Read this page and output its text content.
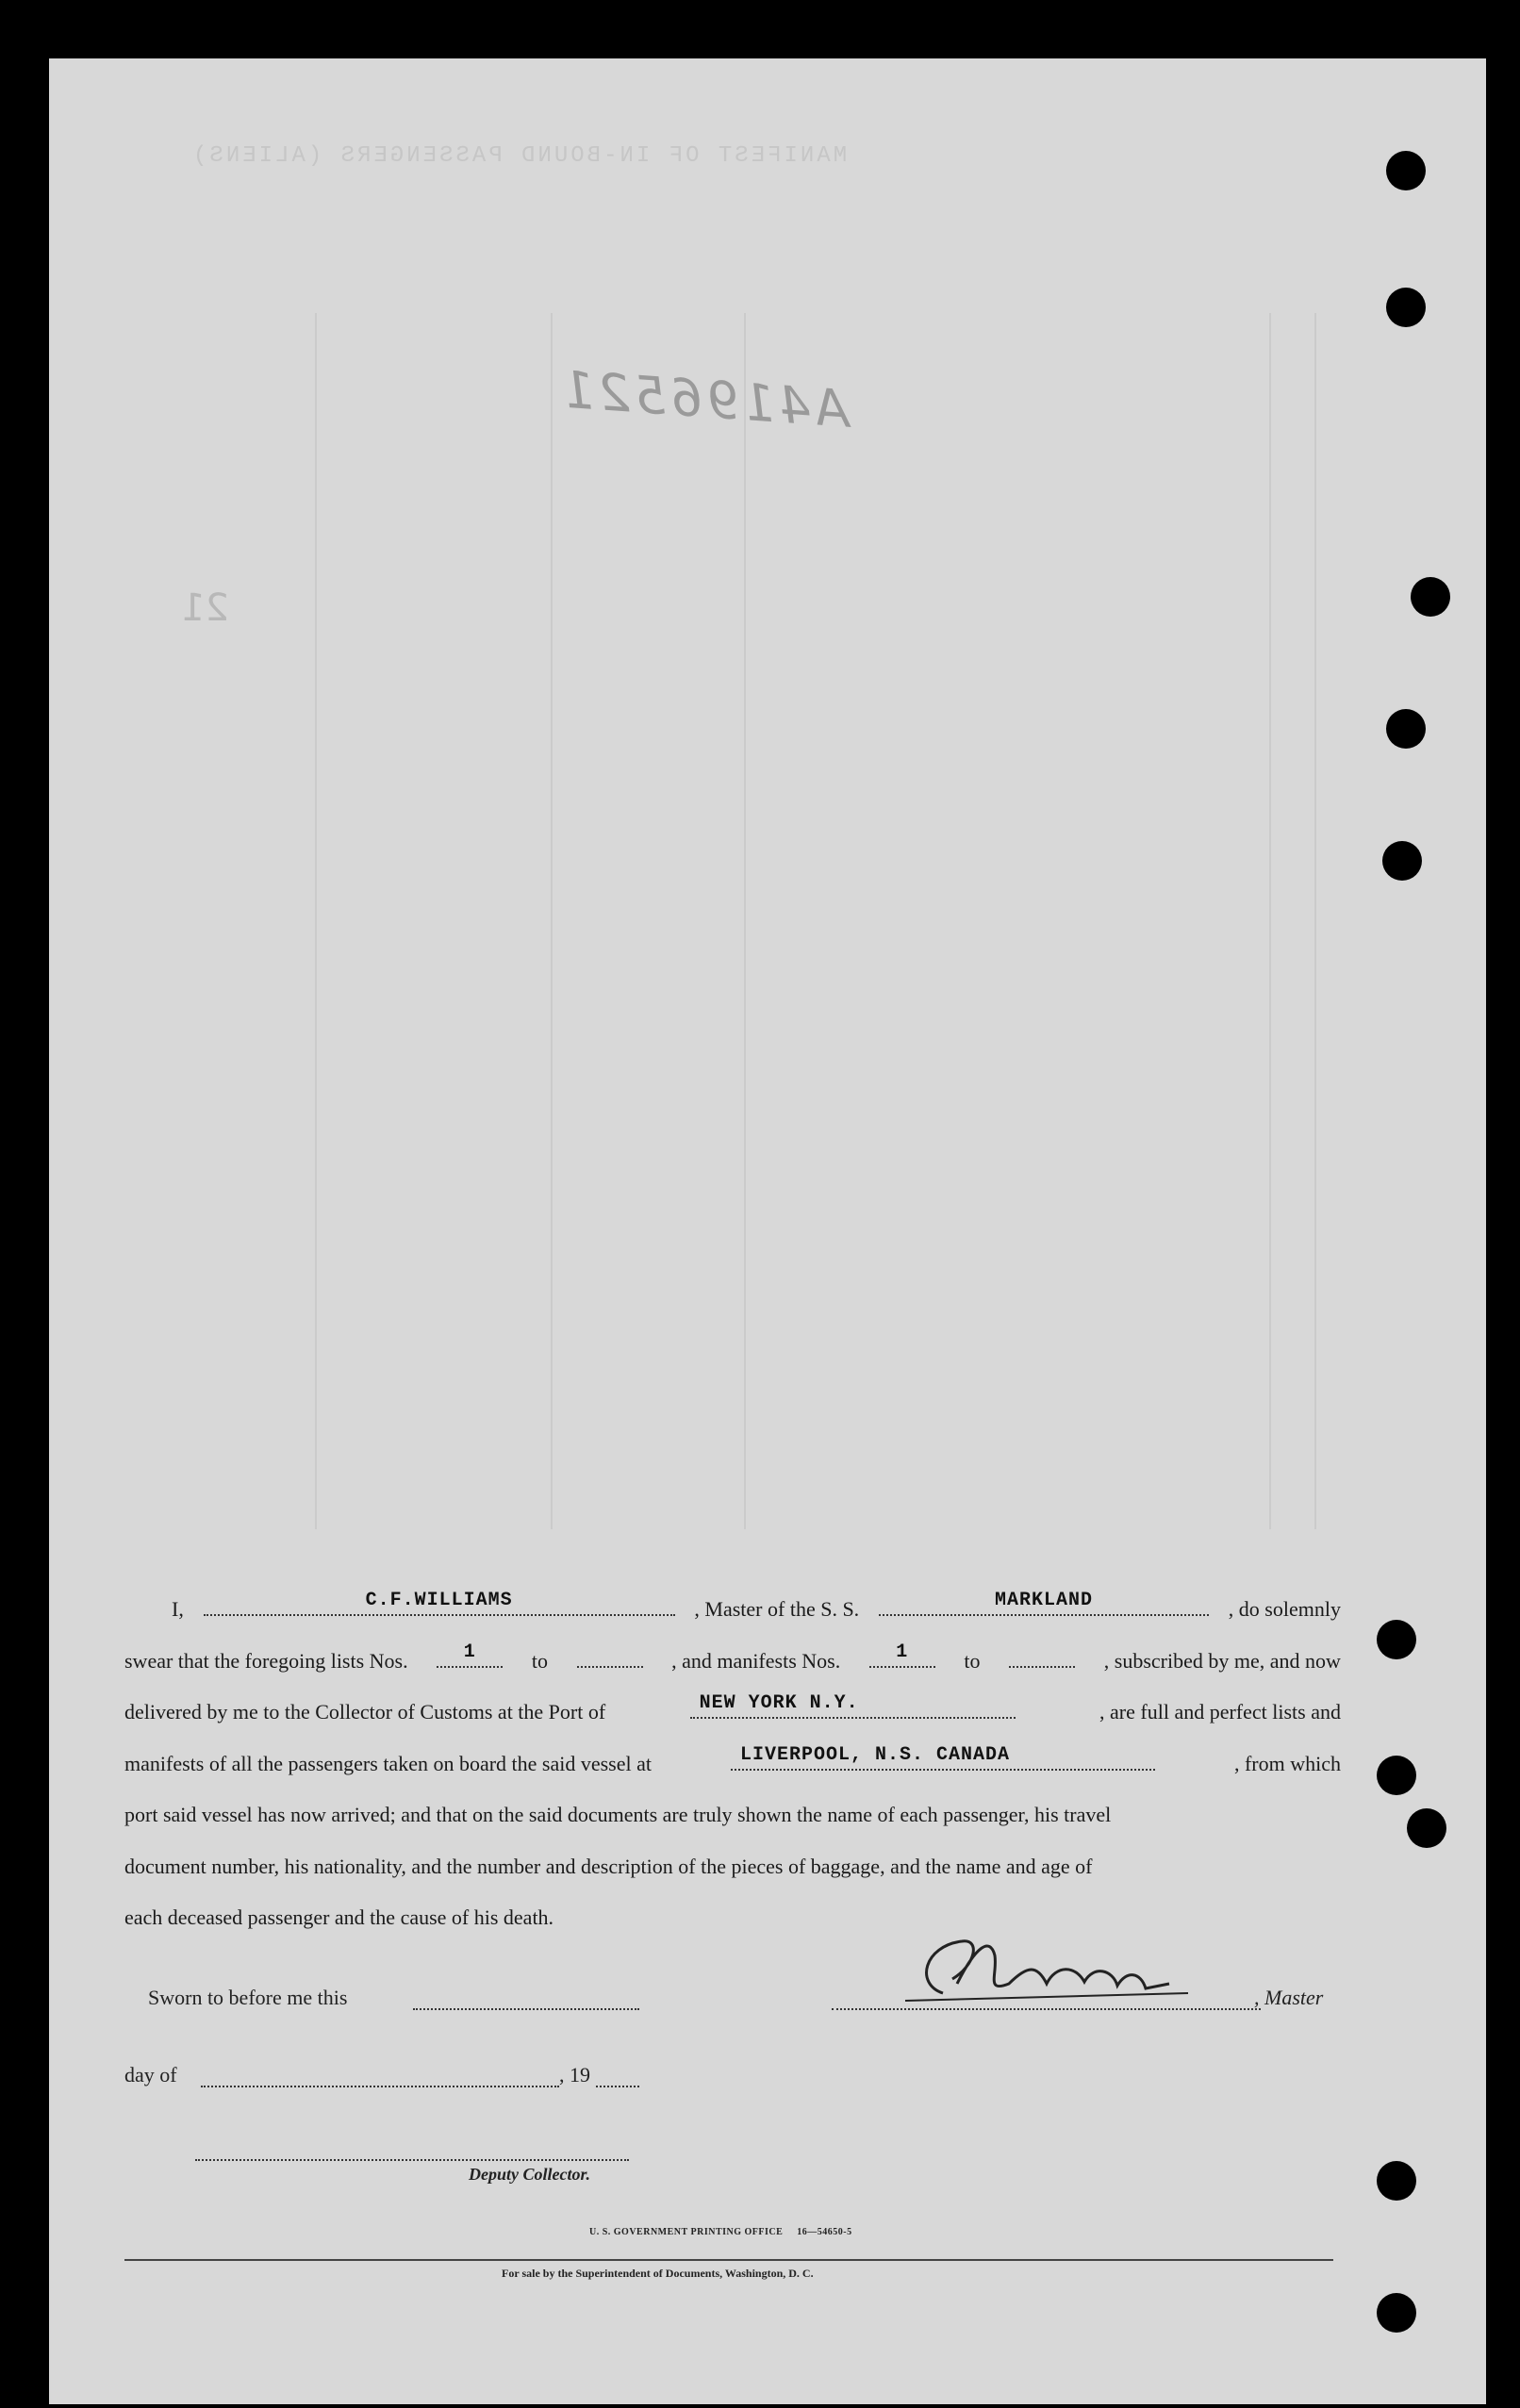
MANIFEST OF IN-BOUND PASSENGERS (ALIENS)
A4196521
21
I,	C.F.WILLIAMS	, Master of the S. S.	MARKLAND	, do solemnly
swear that the foregoing lists Nos.	1	to	, and manifests Nos.	1	to	, subscribed by me, and now
delivered by me to the Collector of Customs at the Port of	NEW YORK N.Y.	, are full and perfect lists and
manifests of all the passengers taken on board the said vessel at	LIVERPOOL, N.S. CANADA	, from which
port said vessel has now arrived; and that on the said documents are truly shown the name of each passenger, his travel
document number, his nationality, and the number and description of the pieces of baggage, and the name and age of
each deceased passenger and the cause of his death.
Sworn to before me this	, Master
day of	, 19
Deputy Collector.
U. S. GOVERNMENT PRINTING OFFICE     16—54650-5
For sale by the Superintendent of Documents, Washington, D. C.
